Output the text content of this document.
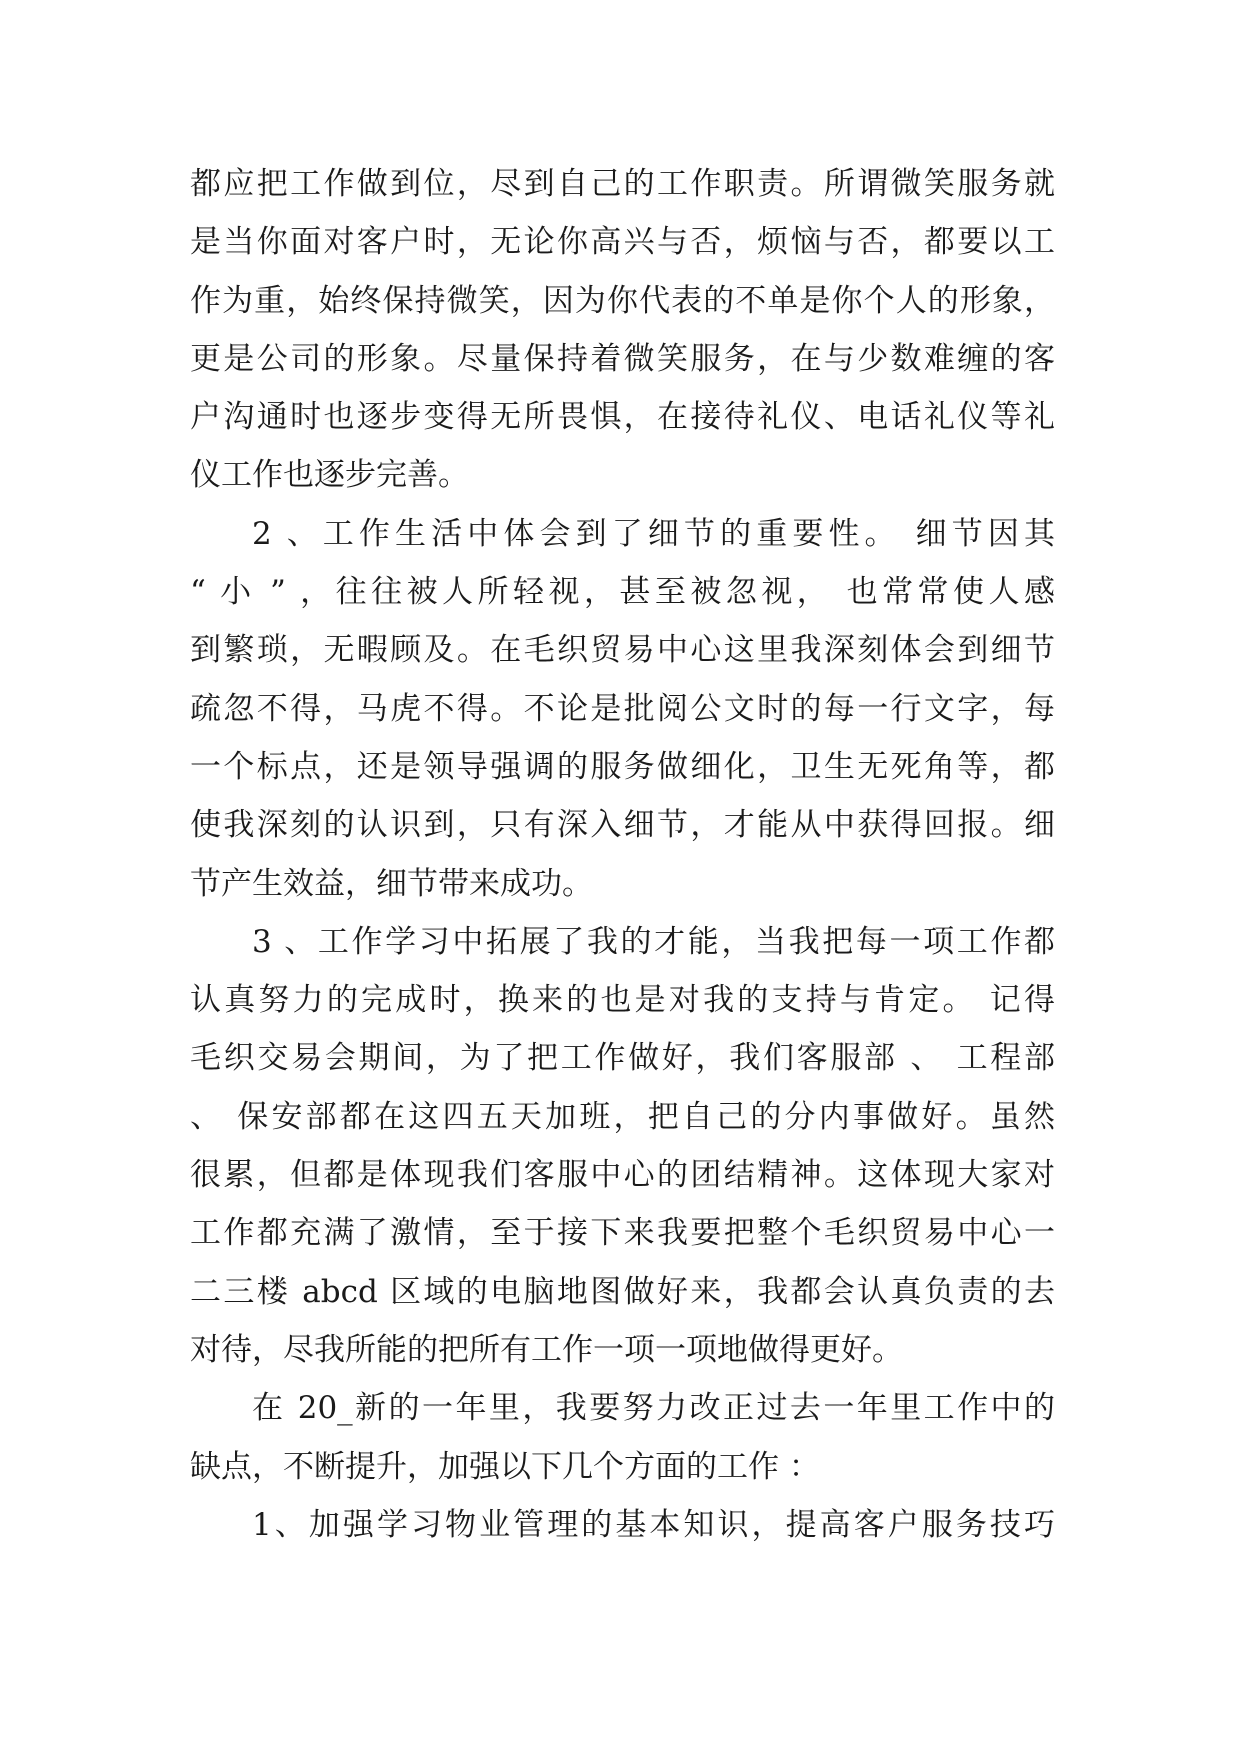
都应把工作做到位，尽到自己的工作职责。所谓微笑服务就
是当你面对客户时，无论你高兴与否，烦恼与否，都要以工
作为重，始终保持微笑，因为你代表的不单是你个人的形象，
更是公司的形象。尽量保持着微笑服务，在与少数难缠的客
户沟通时也逐步变得无所畏惧，在接待礼仪、电话礼仪等礼
仪工作也逐步完善。
2 、工作生活中体会到了细节的重要性。 细节因其
“ 小 ” ，往往被人所轻视，甚至被忽视， 也常常使人感
到繁琐，无暇顾及。在毛织贸易中心这里我深刻体会到细节
疏忽不得，马虎不得。不论是批阅公文时的每一行文字，每
一个标点，还是领导强调的服务做细化，卫生无死角等，都
使我深刻的认识到，只有深入细节，才能从中获得回报。细
节产生效益，细节带来成功。
3 、工作学习中拓展了我的才能，当我把每一项工作都
认真努力的完成时，换来的也是对我的支持与肯定。 记得
毛织交易会期间，为了把工作做好，我们客服部 、 工程部
、 保安部都在这四五天加班，把自己的分内事做好。虽然
很累，但都是体现我们客服中心的团结精神。这体现大家对
工作都充满了激情，至于接下来我要把整个毛织贸易中心一
二三楼 abcd 区域的电脑地图做好来，我都会认真负责的去
对待，尽我所能的把所有工作一项一项地做得更好。
在 20_新的一年里，我要努力改正过去一年里工作中的
缺点，不断提升，加强以下几个方面的工作 ：
1、加强学习物业管理的基本知识，提高客户服务技巧
